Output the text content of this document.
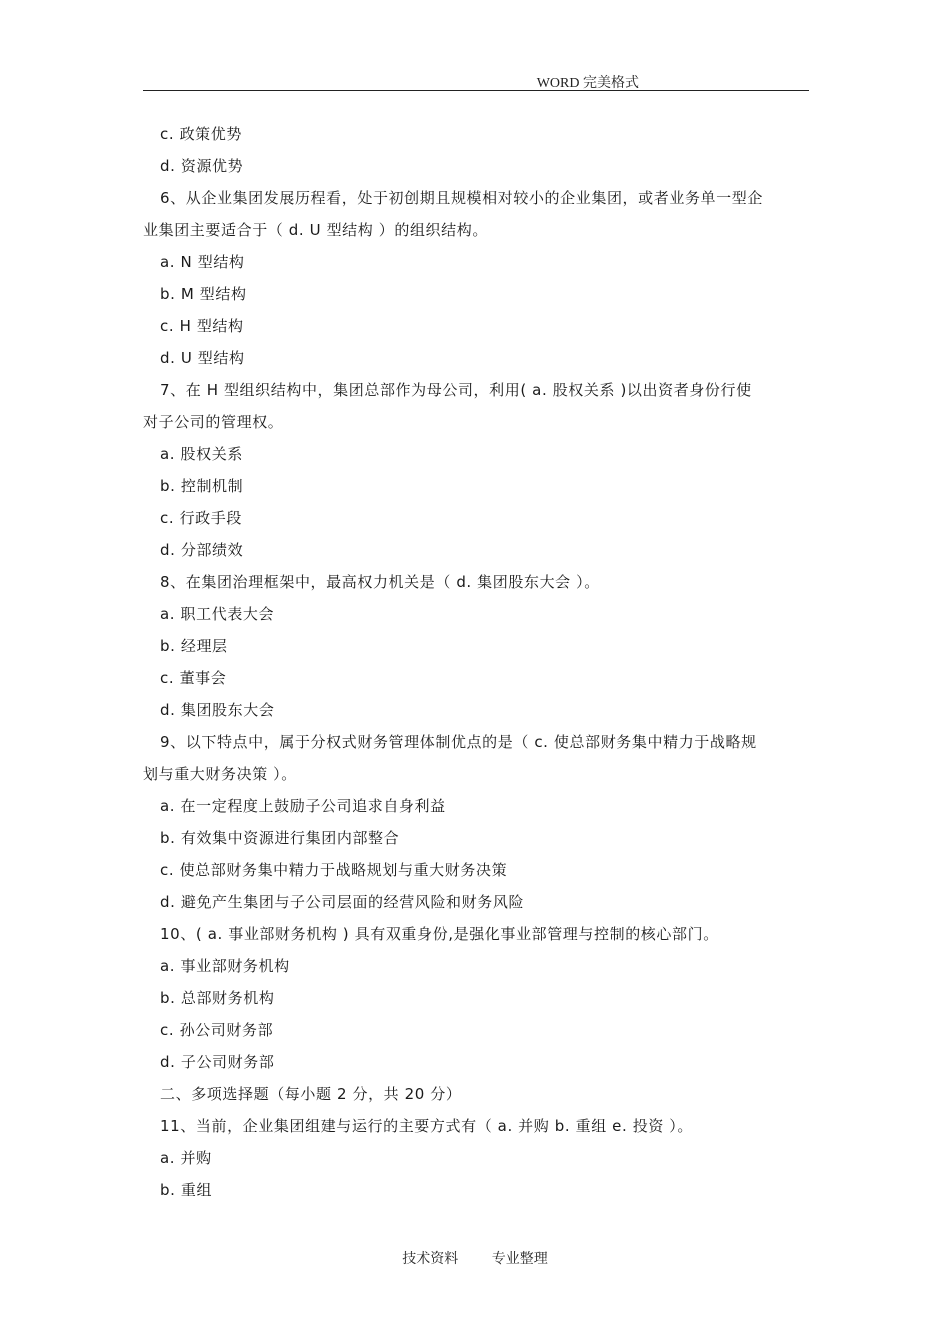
WORD 完美格式
c. 政策优势
d. 资源优势
6、从企业集团发展历程看，处于初创期且规模相对较小的企业集团，或者业务单一型企
业集团主要适合于（ d. U 型结构 ）的组织结构。
a. N 型结构
b. M 型结构
c. H 型结构
d. U 型结构
7、在 H 型组织结构中，集团总部作为母公司，利用( a. 股权关系 )以出资者身份行使
对子公司的管理权。
a. 股权关系
b. 控制机制
c. 行政手段
d. 分部绩效
8、在集团治理框架中，最高权力机关是（ d. 集团股东大会 ）。
a. 职工代表大会
b. 经理层
c. 董事会
d. 集团股东大会
9、以下特点中，属于分权式财务管理体制优点的是（ c. 使总部财务集中精力于战略规
划与重大财务决策 ）。
a. 在一定程度上鼓励子公司追求自身利益
b. 有效集中资源进行集团内部整合
c. 使总部财务集中精力于战略规划与重大财务决策
d. 避免产生集团与子公司层面的经营风险和财务风险
10、( a. 事业部财务机构 ) 具有双重身份,是强化事业部管理与控制的核心部门。
a. 事业部财务机构
b. 总部财务机构
c. 孙公司财务部
d. 子公司财务部
二、多项选择题（每小题 2 分，共 20 分）
11、当前，企业集团组建与运行的主要方式有（ a. 并购 b. 重组 e. 投资 ）。
a. 并购
b. 重组
技术资料 专业整理
